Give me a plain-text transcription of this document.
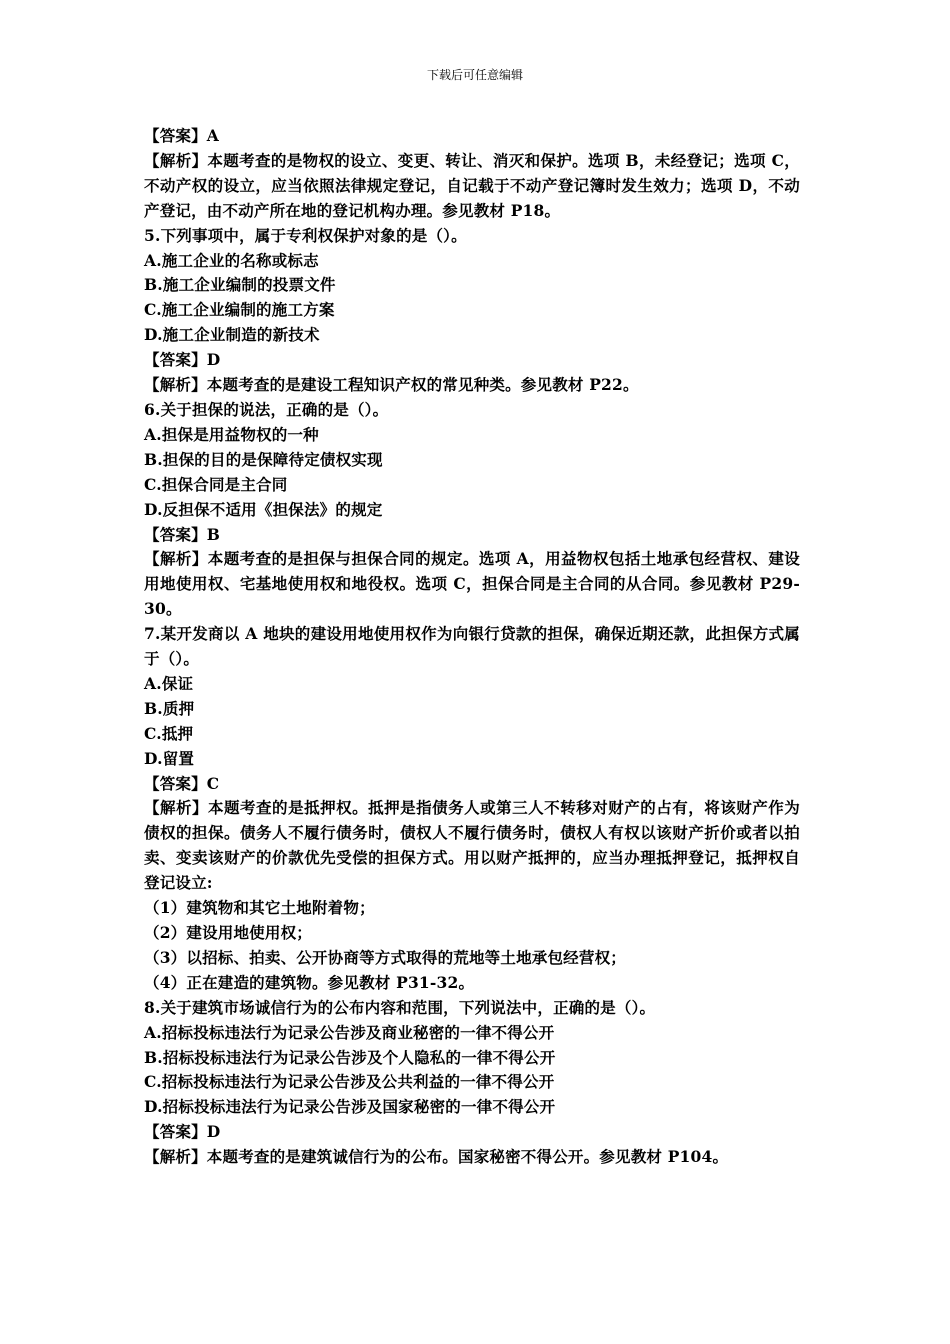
下载后可任意编辑

【答案】A

【解析】本题考查的是物权的设立、变更、转让、消灭和保护。选项 B，未经登记；选项 C，不动产权的设立，应当依照法律规定登记，自记载于不动产登记簿时发生效力；选项 D，不动产登记，由不动产所在地的登记机构办理。参见教材 P18。

5.下列事项中，属于专利权保护对象的是（）。

A.施工企业的名称或标志

B.施工企业编制的投票文件

C.施工企业编制的施工方案

D.施工企业制造的新技术

【答案】D

【解析】本题考查的是建设工程知识产权的常见种类。参见教材 P22。

6.关于担保的说法，正确的是（）。

A.担保是用益物权的一种

B.担保的目的是保障待定债权实现

C.担保合同是主合同

D.反担保不适用《担保法》的规定

【答案】B

【解析】本题考查的是担保与担保合同的规定。选项 A，用益物权包括土地承包经营权、建设用地使用权、宅基地使用权和地役权。选项 C，担保合同是主合同的从合同。参见教材 P29-30。

7.某开发商以 A 地块的建设用地使用权作为向银行贷款的担保，确保近期还款，此担保方式属于（）。

A.保证

B.质押

C.抵押

D.留置

【答案】C

【解析】本题考查的是抵押权。抵押是指债务人或第三人不转移对财产的占有，将该财产作为债权的担保。债务人不履行债务时，债权人不履行债务时，债权人有权以该财产折价或者以拍卖、变卖该财产的价款优先受偿的担保方式。用以财产抵押的，应当办理抵押登记，抵押权自登记设立:

（1）建筑物和其它土地附着物；

（2）建设用地使用权；

（3）以招标、拍卖、公开协商等方式取得的荒地等土地承包经营权；

（4）正在建造的建筑物。参见教材 P31-32。

8.关于建筑市场诚信行为的公布内容和范围，下列说法中，正确的是（）。

A.招标投标违法行为记录公告涉及商业秘密的一律不得公开

B.招标投标违法行为记录公告涉及个人隐私的一律不得公开

C.招标投标违法行为记录公告涉及公共利益的一律不得公开

D.招标投标违法行为记录公告涉及国家秘密的一律不得公开

【答案】D

【解析】本题考查的是建筑诚信行为的公布。国家秘密不得公开。参见教材 P104。
